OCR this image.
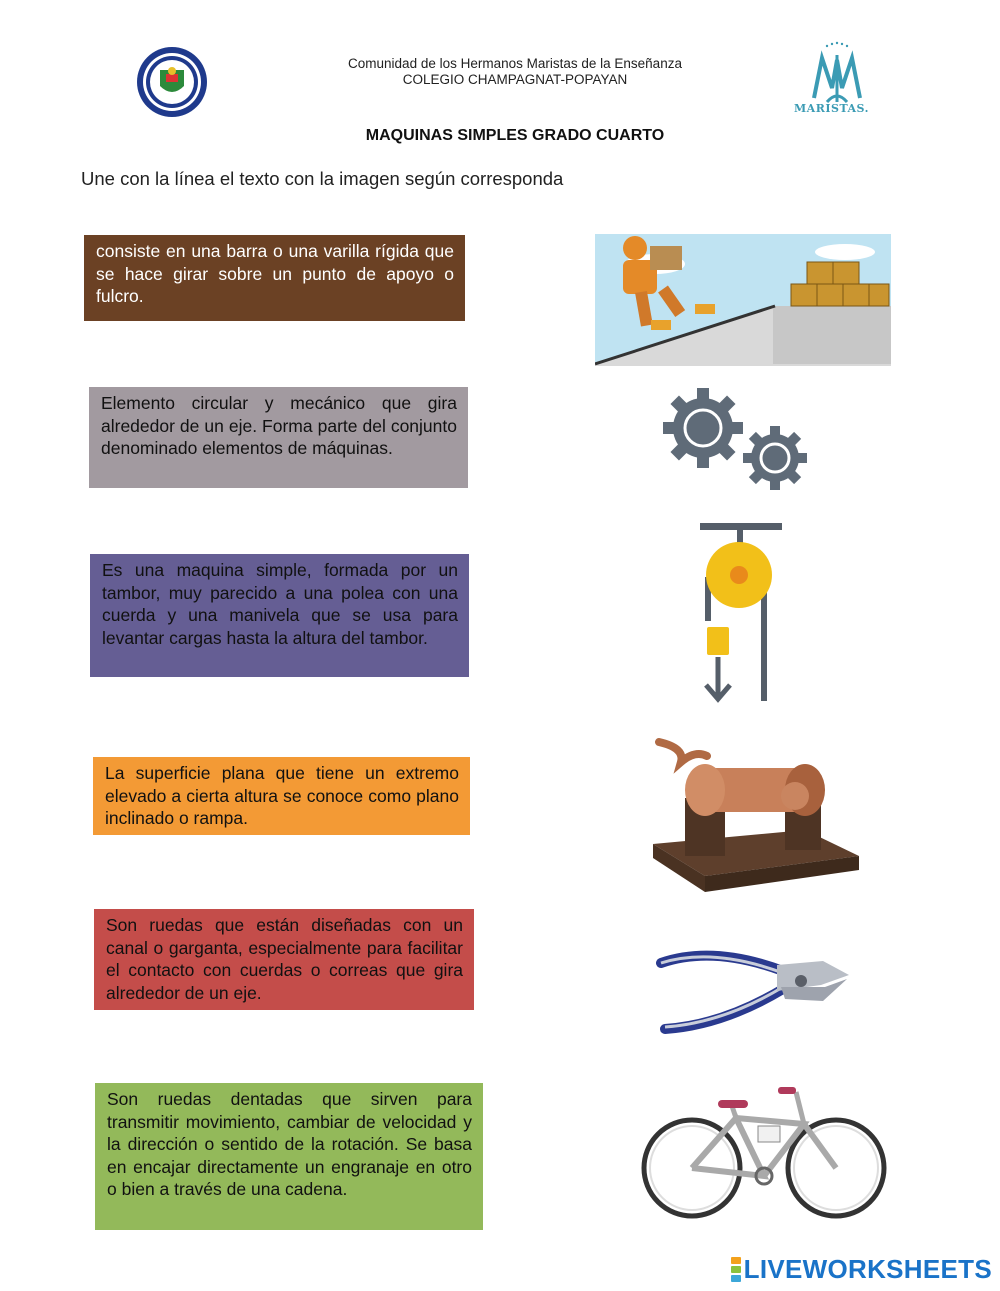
Comunidad de los Hermanos Maristas de la Enseñanza
COLEGIO CHAMPAGNAT-POPAYAN
MARISTAS.
MAQUINAS SIMPLES GRADO CUARTO
Une con la línea el texto con la imagen según corresponda
consiste en una barra o una varilla rígida que se hace girar sobre un punto de apoyo o fulcro.
Elemento circular y mecánico que gira alrededor de un eje. Forma parte del conjunto denominado elementos de máquinas.
Es una maquina simple, formada por un tambor, muy parecido a una polea con una cuerda y una manivela que se usa para levantar cargas hasta la altura del tambor.
La superficie plana que tiene un extremo elevado a cierta altura se conoce como plano inclinado o rampa.
Son ruedas que están diseñadas con un canal o garganta, especialmente para facilitar el contacto con cuerdas o correas que gira alrededor de un eje.
Son ruedas dentadas que sirven para transmitir movimiento, cambiar de velocidad y la dirección o sentido de la rotación. Se basa en encajar directamente un engranaje en otro o bien a través de una cadena.
LIVEWORKSHEETS
